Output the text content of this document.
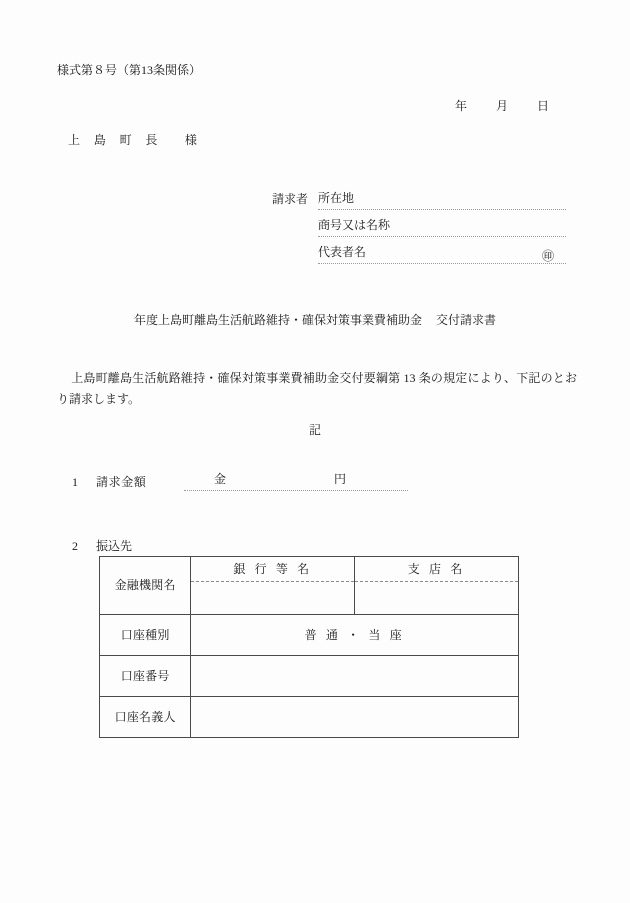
様式第８号（第13条関係）
年 月 日
上 島 町 長 様
請求者 所在地
商号又は名称
代表者名	㊞
年度上島町離島生活航路維持・確保対策事業費補助金 交付請求書
上島町離島生活航路維持・確保対策事業費補助金交付要綱第 13 条の規定により、下記のとおり請求します。
記
1	請求金額	金	円
2	振込先
金融機関名	銀 行 等 名	支 店 名

口座種別	普 通 ・ 当 座	
口座番号		
口座名義人		
